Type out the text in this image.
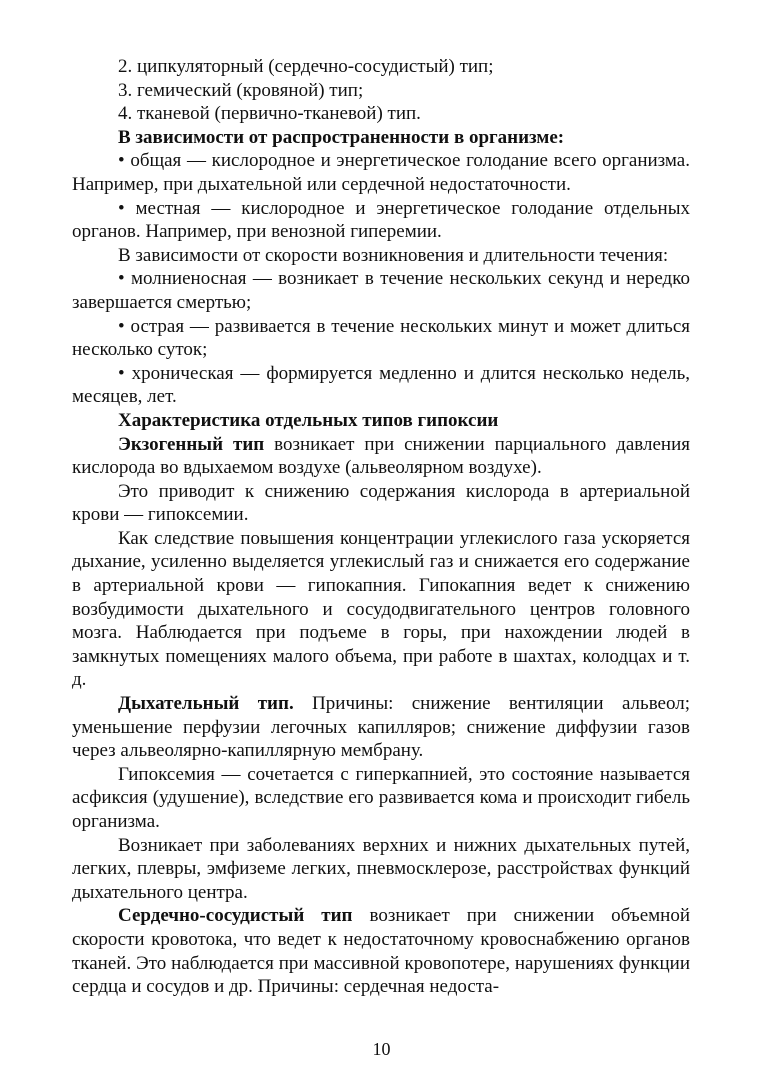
2. ципкуляторный (сердечно-сосудистый) тип;

3. гемический (кровяной) тип;

4. тканевой (первично-тканевой) тип.

В зависимости от распространенности в организме:

• общая — кислородное и энергетическое голодание всего организма. Например, при дыхательной или сердечной недостаточности.

• местная — кислородное и энергетическое голодание отдельных органов. Например, при венозной гиперемии.

В зависимости от скорости возникновения и длительности течения:

• молниеносная — возникает в течение нескольких секунд и нередко завершается смертью;

• острая — развивается в течение нескольких минут и может длиться несколько суток;

• хроническая — формируется медленно и длится несколько недель, месяцев, лет.

Характеристика отдельных типов гипоксии

Экзогенный тип возникает при снижении парциального давления кислорода во вдыхаемом воздухе (альвеолярном воздухе).

Это приводит к снижению содержания кислорода в артериальной крови — гипоксемии.

Как следствие повышения концентрации углекислого газа ускоряется дыхание, усиленно выделяется углекислый газ и снижается его содержание в артериальной крови — гипокапния. Гипокапния ведет к снижению возбудимости дыхательного и сосудодвигательного центров головного мозга. Наблюдается при подъеме в горы, при нахождении людей в замкнутых помещениях малого объема, при работе в шахтах, колодцах и т. д.

Дыхательный тип. Причины: снижение вентиляции альвеол; уменьшение перфузии легочных капилляров; снижение диффузии газов через альвеолярно-капиллярную мембрану.

Гипоксемия — сочетается с гиперкапнией, это состояние называется асфиксия (удушение), вследствие его развивается кома и происходит гибель организма.

Возникает при заболеваниях верхних и нижних дыхательных путей, легких, плевры, эмфиземе легких, пневмосклерозе, расстройствах функций дыхательного центра.

Сердечно-сосудистый тип возникает при снижении объемной скорости кровотока, что ведет к недостаточному кровоснабжению органов тканей. Это наблюдается при массивной кровопотере, нарушениях функции сердца и сосудов и др. Причины: сердечная недоста-

10
